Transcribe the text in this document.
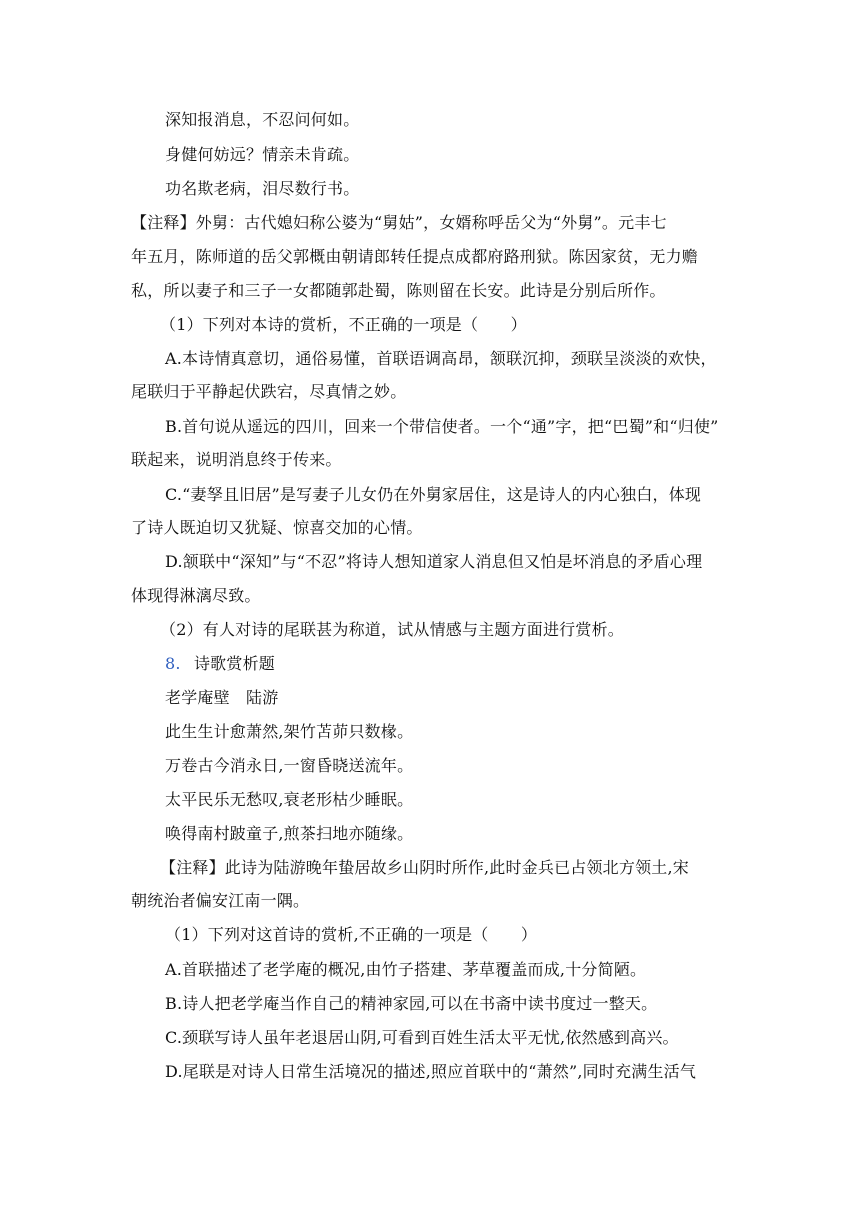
深知报消息，不忍问何如。
身健何妨远？情亲未肯疏。
功名欺老病，泪尽数行书。
【注释】外舅：古代媳妇称公婆为“舅姑”，女婿称呼岳父为“外舅”。元丰七
年五月，陈师道的岳父郭概由朝请郎转任提点成都府路刑狱。陈因家贫，无力赡
私，所以妻子和三子一女都随郭赴蜀，陈则留在长安。此诗是分别后所作。
（1）下列对本诗的赏析，不正确的一项是（　　）
A.本诗情真意切，通俗易懂，首联语调高昂，颔联沉抑，颈联呈淡淡的欢快，
尾联归于平静起伏跌宕，尽真情之妙。
B.首句说从遥远的四川，回来一个带信使者。一个“通”字，把“巴蜀”和“归使”
联起来，说明消息终于传来。
C.“妻孥且旧居”是写妻子儿女仍在外舅家居住，这是诗人的内心独白，体现
了诗人既迫切又犹疑、惊喜交加的心情。
D.颔联中“深知”与“不忍”将诗人想知道家人消息但又怕是坏消息的矛盾心理
体现得淋漓尽致。
（2）有人对诗的尾联甚为称道，试从情感与主题方面进行赏析。
8. 诗歌赏析题
老学庵壁　陆游
此生生计愈萧然,架竹苫茆只数椽。
万卷古今消永日,一窗昏晓送流年。
太平民乐无愁叹,衰老形枯少睡眠。
唤得南村跛童子,煎茶扫地亦随缘。
【注释】此诗为陆游晚年蛰居故乡山阴时所作,此时金兵已占领北方领土,宋
朝统治者偏安江南一隅。
（1）下列对这首诗的赏析,不正确的一项是（　　）
A.首联描述了老学庵的概况,由竹子搭建、茅草覆盖而成,十分简陋。
B.诗人把老学庵当作自己的精神家园,可以在书斋中读书度过一整天。
C.颈联写诗人虽年老退居山阴,可看到百姓生活太平无忧,依然感到高兴。
D.尾联是对诗人日常生活境况的描述,照应首联中的“萧然”,同时充满生活气
